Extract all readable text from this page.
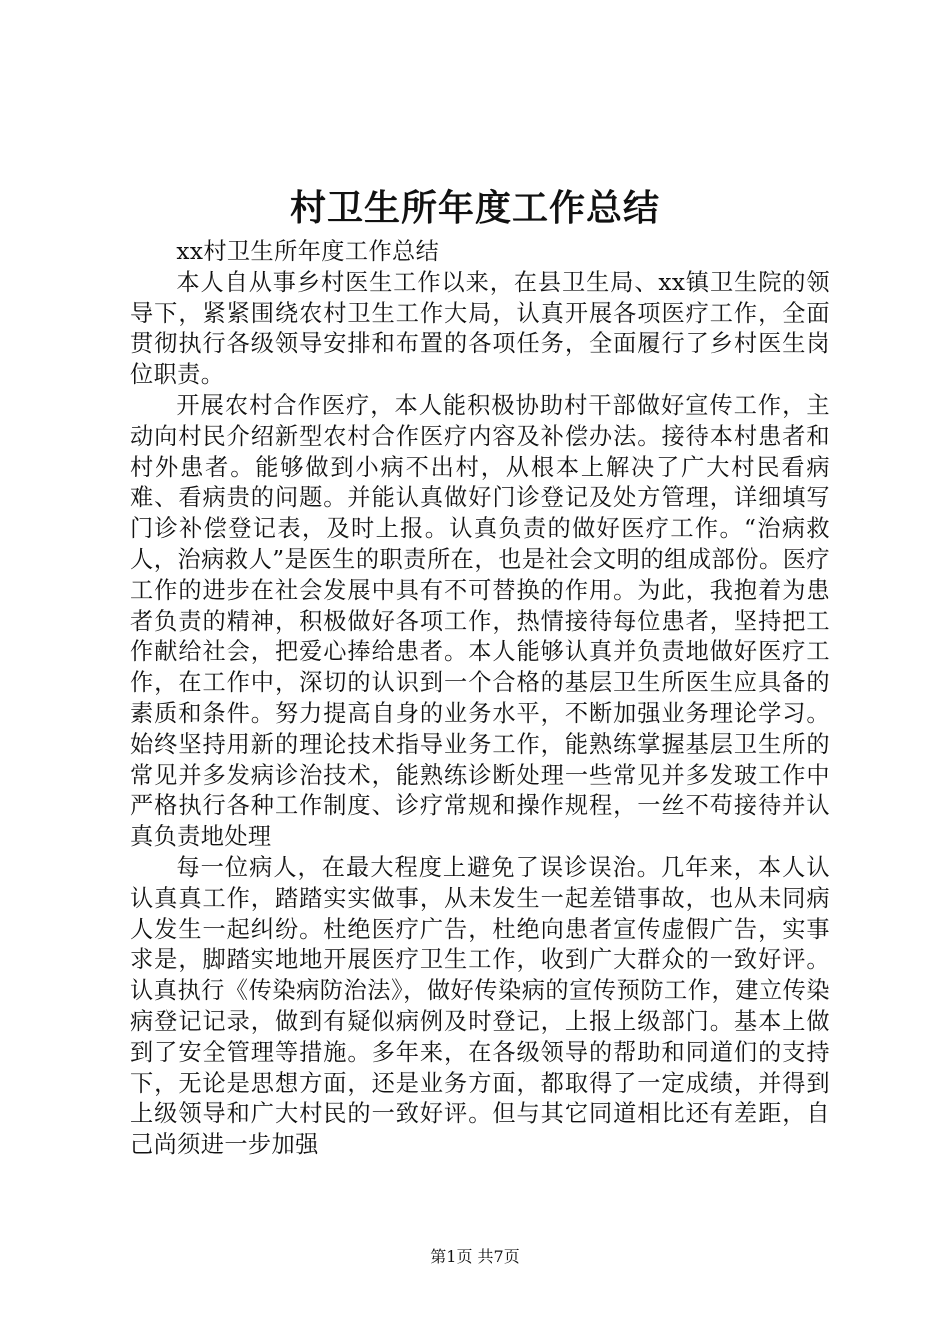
村卫生所年度工作总结

xx村卫生所年度工作总结

本人自从事乡村医生工作以来，在县卫生局、xx镇卫生院的领导下，紧紧围绕农村卫生工作大局，认真开展各项医疗工作，全面贯彻执行各级领导安排和布置的各项任务，全面履行了乡村医生岗位职责。

开展农村合作医疗，本人能积极协助村干部做好宣传工作，主动向村民介绍新型农村合作医疗内容及补偿办法。接待本村患者和村外患者。能够做到小病不出村，从根本上解决了广大村民看病难、看病贵的问题。并能认真做好门诊登记及处方管理，详细填写门诊补偿登记表，及时上报。认真负责的做好医疗工作。“治病救人，治病救人”是医生的职责所在，也是社会文明的组成部份。医疗工作的进步在社会发展中具有不可替换的作用。为此，我抱着为患者负责的精神，积极做好各项工作，热情接待每位患者，坚持把工作献给社会，把爱心捧给患者。本人能够认真并负责地做好医疗工作，在工作中，深切的认识到一个合格的基层卫生所医生应具备的素质和条件。努力提高自身的业务水平，不断加强业务理论学习。始终坚持用新的理论技术指导业务工作，能熟练掌握基层卫生所的常见并多发病诊治技术，能熟练诊断处理一些常见并多发玻工作中严格执行各种工作制度、诊疗常规和操作规程，一丝不苟接待并认真负责地处理

每一位病人，在最大程度上避免了误诊误治。几年来，本人认认真真工作，踏踏实实做事，从未发生一起差错事故，也从未同病人发生一起纠纷。杜绝医疗广告，杜绝向患者宣传虚假广告，实事求是，脚踏实地地开展医疗卫生工作，收到广大群众的一致好评。认真执行《传染病防治法》，做好传染病的宣传预防工作，建立传染病登记记录，做到有疑似病例及时登记，上报上级部门。基本上做到了安全管理等措施。多年来，在各级领导的帮助和同道们的支持下，无论是思想方面，还是业务方面，都取得了一定成绩，并得到上级领导和广大村民的一致好评。但与其它同道相比还有差距，自己尚须进一步加强

第1页 共7页
